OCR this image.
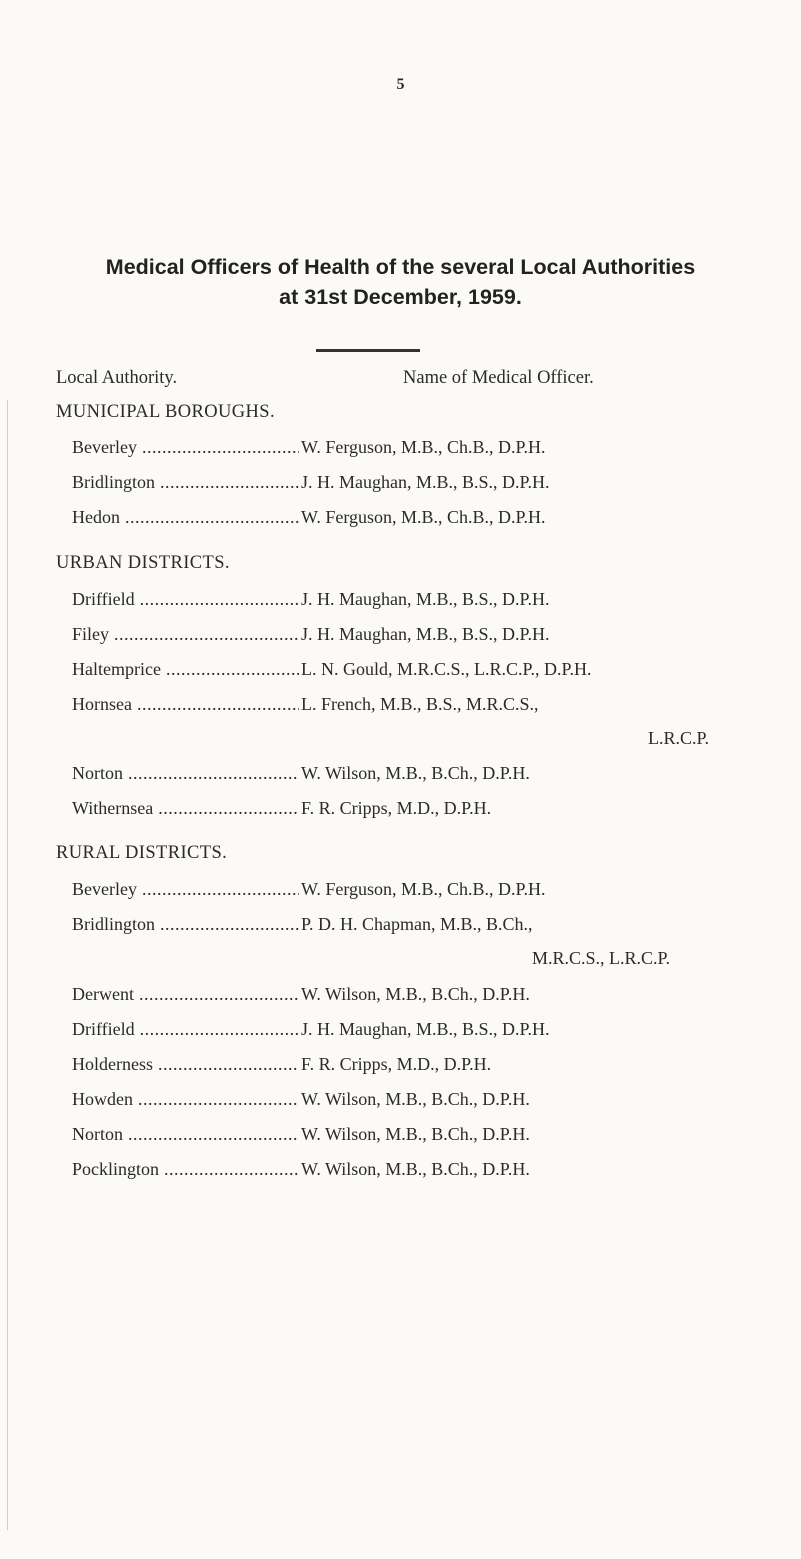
5
Medical Officers of Health of the several Local Authorities
at 31st December, 1959.
Local Authority.	Name of Medical Officer.
MUNICIPAL BOROUGHS.
Beverley .....	W. Ferguson, M.B., Ch.B., D.P.H.
Bridlington .....	J. H. Maughan, M.B., B.S., D.P.H.
Hedon .....	W. Ferguson, M.B., Ch.B., D.P.H.
URBAN DISTRICTS.
Driffield .....	J. H. Maughan, M.B., B.S., D.P.H.
Filey .....	J. H. Maughan, M.B., B.S., D.P.H.
Haltemprice .....	L. N. Gould, M.R.C.S., L.R.C.P., D.P.H.
Hornsea .....	L. French, M.B., B.S., M.R.C.S.,
L.R.C.P.
Norton .....	W. Wilson, M.B., B.Ch., D.P.H.
Withernsea .....	F. R. Cripps, M.D., D.P.H.
RURAL DISTRICTS.
Beverley .....	W. Ferguson, M.B., Ch.B., D.P.H.
Bridlington .....	P. D. H. Chapman, M.B., B.Ch.,
M.R.C.S., L.R.C.P.
Derwent .....	W. Wilson, M.B., B.Ch., D.P.H.
Driffield .....	J. H. Maughan, M.B., B.S., D.P.H.
Holderness .....	F. R. Cripps, M.D., D.P.H.
Howden .....	W. Wilson, M.B., B.Ch., D.P.H.
Norton .....	W. Wilson, M.B., B.Ch., D.P.H.
Pocklington .....	W. Wilson, M.B., B.Ch., D.P.H.
